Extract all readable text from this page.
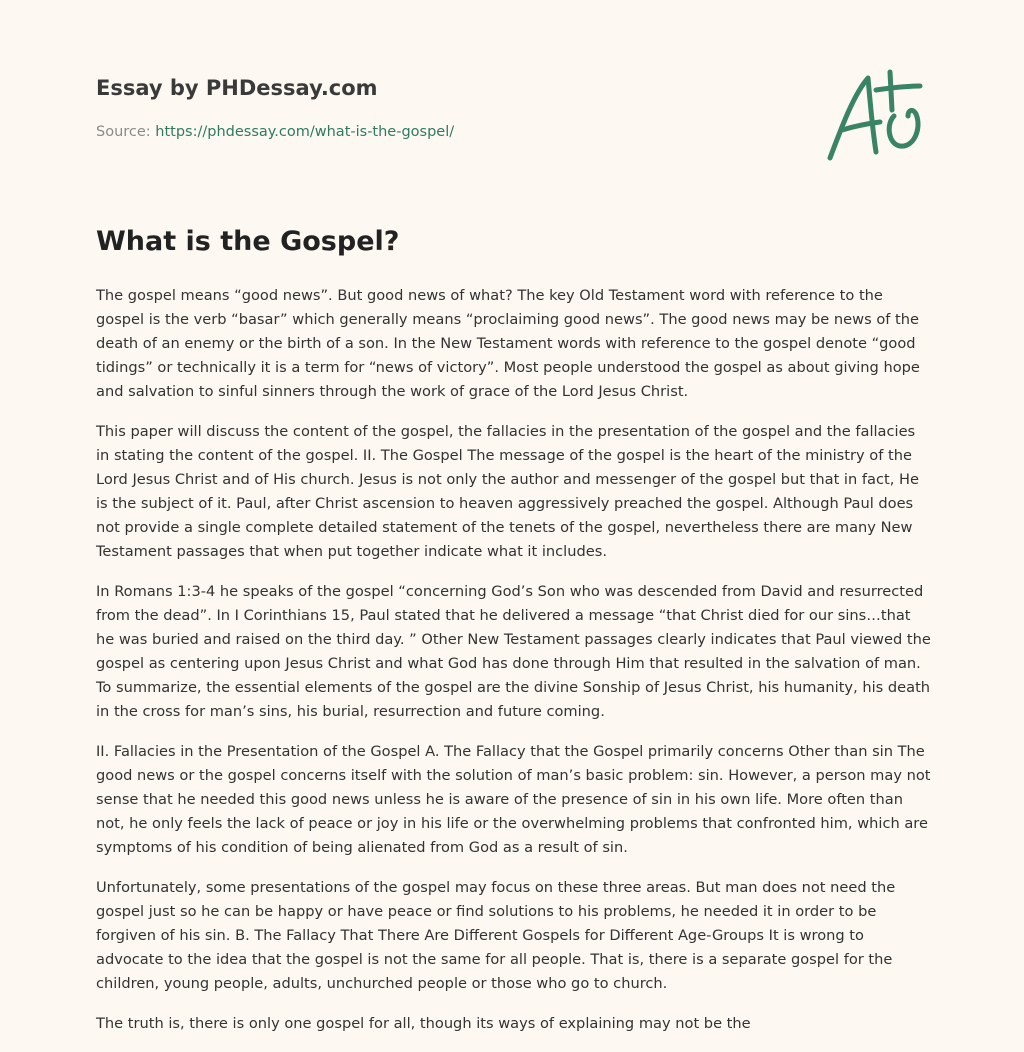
Essay by PHDessay.com
Source: https://phdessay.com/what-is-the-gospel/
What is the Gospel?

The gospel means “good news”. But good news of what? The key Old Testament word with reference to the gospel is the verb “basar” which generally means “proclaiming good news”. The good news may be news of the death of an enemy or the birth of a son. In the New Testament words with reference to the gospel denote “good tidings” or technically it is a term for “news of victory”. Most people understood the gospel as about giving hope and salvation to sinful sinners through the work of grace of the Lord Jesus Christ.

This paper will discuss the content of the gospel, the fallacies in the presentation of the gospel and the fallacies in stating the content of the gospel. II. The Gospel The message of the gospel is the heart of the ministry of the Lord Jesus Christ and of His church. Jesus is not only the author and messenger of the gospel but that in fact, He is the subject of it. Paul, after Christ ascension to heaven aggressively preached the gospel. Although Paul does not provide a single complete detailed statement of the tenets of the gospel, nevertheless there are many New Testament passages that when put together indicate what it includes.

In Romans 1:3-4 he speaks of the gospel “concerning God’s Son who was descended from David and resurrected from the dead”. In I Corinthians 15, Paul stated that he delivered a message “that Christ died for our sins…that he was buried and raised on the third day. ” Other New Testament passages clearly indicates that Paul viewed the gospel as centering upon Jesus Christ and what God has done through Him that resulted in the salvation of man. To summarize, the essential elements of the gospel are the divine Sonship of Jesus Christ, his humanity, his death in the cross for man’s sins, his burial, resurrection and future coming.

II. Fallacies in the Presentation of the Gospel A. The Fallacy that the Gospel primarily concerns Other than sin The good news or the gospel concerns itself with the solution of man’s basic problem: sin. However, a person may not sense that he needed this good news unless he is aware of the presence of sin in his own life. More often than not, he only feels the lack of peace or joy in his life or the overwhelming problems that confronted him, which are symptoms of his condition of being alienated from God as a result of sin.

Unfortunately, some presentations of the gospel may focus on these three areas. But man does not need the gospel just so he can be happy or have peace or find solutions to his problems, he needed it in order to be forgiven of his sin. B. The Fallacy That There Are Different Gospels for Different Age-Groups It is wrong to advocate to the idea that the gospel is not the same for all people. That is, there is a separate gospel for the children, young people, adults, unchurched people or those who go to church.

The truth is, there is only one gospel for all, though its ways of explaining may not be the
